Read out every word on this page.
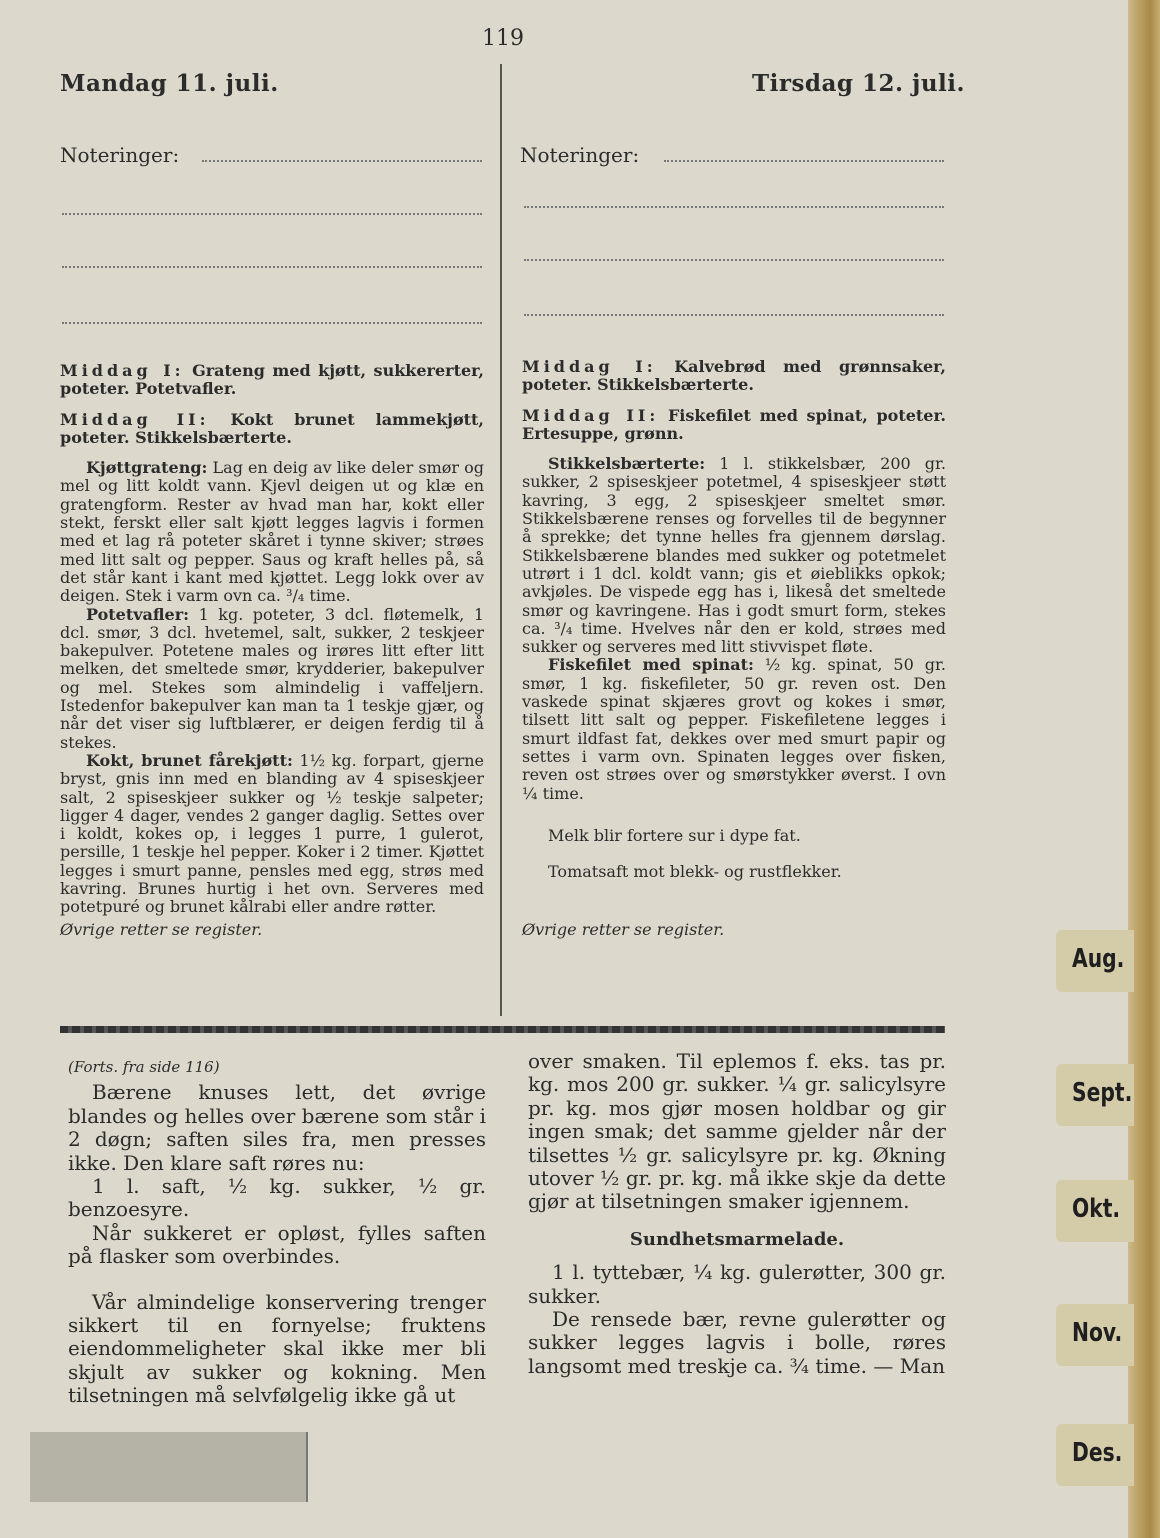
119
Mandag 11. juli.	Tirsdag 12. juli.
Noteringer:	Noteringer:

Middag I: Grateng med kjøtt, sukkererter, poteter. Potetvafler.

Middag II: Kokt brunet lammekjøtt, poteter. Stikkelsbærterte.

Kjøttgrateng: Lag en deig av like deler smør og mel og litt koldt vann. Kjevl deigen ut og klæ en gratengform. Rester av hvad man har, kokt eller stekt, ferskt eller salt kjøtt legges lagvis i formen med et lag rå poteter skåret i tynne skiver; strøes med litt salt og pepper. Saus og kraft helles på, så det står kant i kant med kjøttet. Legg lokk over av deigen. Stek i varm ovn ca. ³/₄ time.

Potetvafler: 1 kg. poteter, 3 dcl. fløtemelk, 1 dcl. smør, 3 dcl. hvetemel, salt, sukker, 2 teskjeer bakepulver. Potetene males og irøres litt efter litt melken, det smeltede smør, krydderier, bakepulver og mel. Stekes som almindelig i vaffeljern. Istedenfor bakepulver kan man ta 1 teskje gjær, og når det viser sig luftblærer, er deigen ferdig til å stekes.

Kokt, brunet fårekjøtt: 1½ kg. forpart, gjerne bryst, gnis inn med en blanding av 4 spiseskjeer salt, 2 spiseskjeer sukker og ½ teskje salpeter; ligger 4 dager, vendes 2 ganger daglig. Settes over i koldt, kokes op, i legges 1 purre, 1 gulerot, persille, 1 teskje hel pepper. Koker i 2 timer. Kjøttet legges i smurt panne, pensles med egg, strøs med kavring. Brunes hurtig i het ovn. Serveres med potetpuré og brunet kålrabi eller andre røtter.

Øvrige retter se register.

Middag I: Kalvebrød med grønnsaker, poteter. Stikkelsbærterte.

Middag II: Fiskefilet med spinat, poteter. Ertesuppe, grønn.

Stikkelsbærterte: 1 l. stikkelsbær, 200 gr. sukker, 2 spiseskjeer potetmel, 4 spiseskjeer støtt kavring, 3 egg, 2 spiseskjeer smeltet smør. Stikkelsbærene renses og forvelles til de begynner å sprekke; det tynne helles fra gjennem dørslag. Stikkelsbærene blandes med sukker og potetmelet utrørt i 1 dcl. koldt vann; gis et øieblikks opkok; avkjøles. De vispede egg has i, likeså det smeltede smør og kavringene. Has i godt smurt form, stekes ca. ³/₄ time. Hvelves når den er kold, strøes med sukker og serveres med litt stivvispet fløte.

Fiskefilet med spinat: ½ kg. spinat, 50 gr. smør, 1 kg. fiskefileter, 50 gr. reven ost. Den vaskede spinat skjæres grovt og kokes i smør, tilsett litt salt og pepper. Fiskefiletene legges i smurt ildfast fat, dekkes over med smurt papir og settes i varm ovn. Spinaten legges over fisken, reven ost strøes over og smørstykker øverst. I ovn ¼ time.

Melk blir fortere sur i dype fat.

Tomatsaft mot blekk- og rustflekker.

Øvrige retter se register.

(Forts. fra side 116)

Bærene knuses lett, det øvrige blandes og helles over bærene som står i 2 døgn; saften siles fra, men presses ikke. Den klare saft røres nu:

1 l. saft, ½ kg. sukker, ½ gr. benzoesyre.

Når sukkeret er opløst, fylles saften på flasker som overbindes.

Vår almindelige konservering trenger sikkert til en fornyelse; fruktens eiendommeligheter skal ikke mer bli skjult av sukker og kokning. Men tilsetningen må selvfølgelig ikke gå ut

over smaken. Til eplemos f. eks. tas pr. kg. mos 200 gr. sukker. ¼ gr. salicylsyre pr. kg. mos gjør mosen holdbar og gir ingen smak; det samme gjelder når der tilsettes ½ gr. salicylsyre pr. kg. Økning utover ½ gr. pr. kg. må ikke skje da dette gjør at tilsetningen smaker igjennem.

Sundhetsmarmelade.

1 l. tyttebær, ¼ kg. gulerøtter, 300 gr. sukker.

De rensede bær, revne gulerøtter og sukker legges lagvis i bolle, røres langsomt med treskje ca. ¾ time. — Man

Aug.
Sept.
Okt.
Nov.
Des.
